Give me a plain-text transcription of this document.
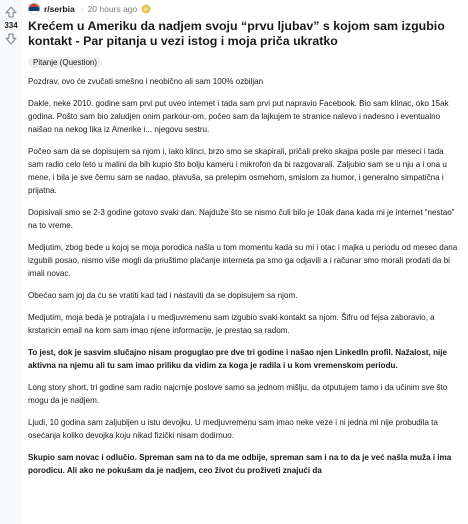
334
r/serbia · 20 hours ago
Krećem u Ameriku da nadjem svoju “prvu ljubav” s kojom sam izgubio kontakt - Par pitanja u vezi istog i moja priča ukratko
Pitanje (Question)

Pozdrav, ovo će zvučati smešno i neobično ali sam 100% ozbiljan

Dakle, neke 2010. godine sam prvi put uveo internet i tada sam prvi put napravio Facebook. Bio sam klinac, oko 15ak godina. Pošto sam bio zaludjen onim parkour-om, počeo sam da lajkujem te stranice nalevo i nadesno i eventualno naišao na nekog lika iz Amerike i... njegovu sestru.

Počeo sam da se dopisujem sa njom i, iako klinci, brzo smo se skapirali, pričali preko skajpa posle par meseci i tada sam radio celo leto u malini da bih kupio što bolju kameru i mikrofon da bi razgovarali. Zaljubio sam se u nju a i ona u mene, i bila je sve čemu sam se nadao, plavuša, sa prelepim osmehom, smislom za humor, i generalno simpatična i prijatna.

Dopisivali smo se 2-3 godine gotovo svaki dan. Najduže što se nismo čuli bilo je 10ak dana kada mi je internet “nestao” na to vreme.

Medjutim, zbog bede u kojoj se moja porodica našla u tom momentu kada su mi i otac i majka u periodu od mesec dana izgubili posao, nismo više mogli da priuštimo plaćanje interneta pa smo ga odjavili a i računar smo morali prodati da bi imali novac.

Obećao sam joj da ću se vratiti kad tad i nastaviti da se dopisujem sa njom.

Medjutim, moja beda je potrajala i u medjuvremenu sam izgubio svaki kontakt sa njom. Šifru od fejsa zaboravio, a krstaricin email na kom sam imao njene informacije, je prestao sa radom.

To jest, dok je sasvim slučajno nisam proguglao pre dve tri godine i našao njen LinkedIn profil. Nažalost, nije aktivna na njemu ali tu sam imao priliku da vidim za koga je radila i u kom vremenskom periodu.

Long story short, tri godine sam radio najcrnje poslove samo sa jednom mišlju, da otputujem tamo i da učinim sve što mogu da je nadjem.

Ljudi, 10 godina sam zaljubljen u istu devojku. U medjuvremenu sam imao neke veze i ni jedna mi nije probudila ta osećanja koliko devojka koju nikad fizički nisam dodirnuo.

Skupio sam novac i odlučio. Spreman sam na to da me odbije, spreman sam i na to da je već našla muža i ima porodicu. Ali ako ne pokušam da je nadjem, ceo život ću proživeti znajući da
